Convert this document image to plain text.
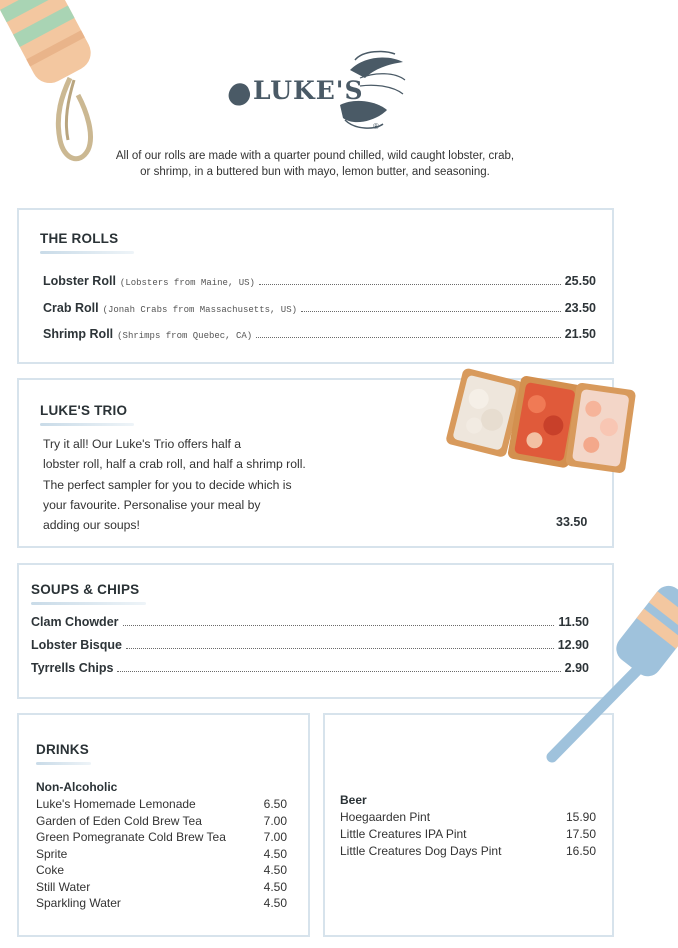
LUKE'S
®
All of our rolls are made with a quarter pound chilled, wild caught lobster, crab,
or shrimp, in a buttered bun with mayo, lemon butter, and seasoning.
THE ROLLS
Lobster Roll (Lobsters from Maine, US)	25.50
Crab Roll (Jonah Crabs from Massachusetts, US)	23.50
Shrimp Roll (Shrimps from Quebec, CA)	21.50
LUKE'S TRIO
Try it all! Our Luke's Trio offers half a
lobster roll, half a crab roll, and half a shrimp roll.
The perfect sampler for you to decide which is
your favourite. Personalise your meal by
adding our soups!	33.50
SOUPS & CHIPS
Clam Chowder	11.50
Lobster Bisque	12.90
Tyrrells Chips	2.90
DRINKS
Non-Alcoholic
Luke's Homemade Lemonade	6.50
Garden of Eden Cold Brew Tea	7.00
Green Pomegranate Cold Brew Tea	7.00
Sprite	4.50
Coke	4.50
Still Water	4.50
Sparkling Water	4.50
Beer
Hoegaarden Pint	15.90
Little Creatures IPA Pint	17.50
Little Creatures Dog Days Pint	16.50
